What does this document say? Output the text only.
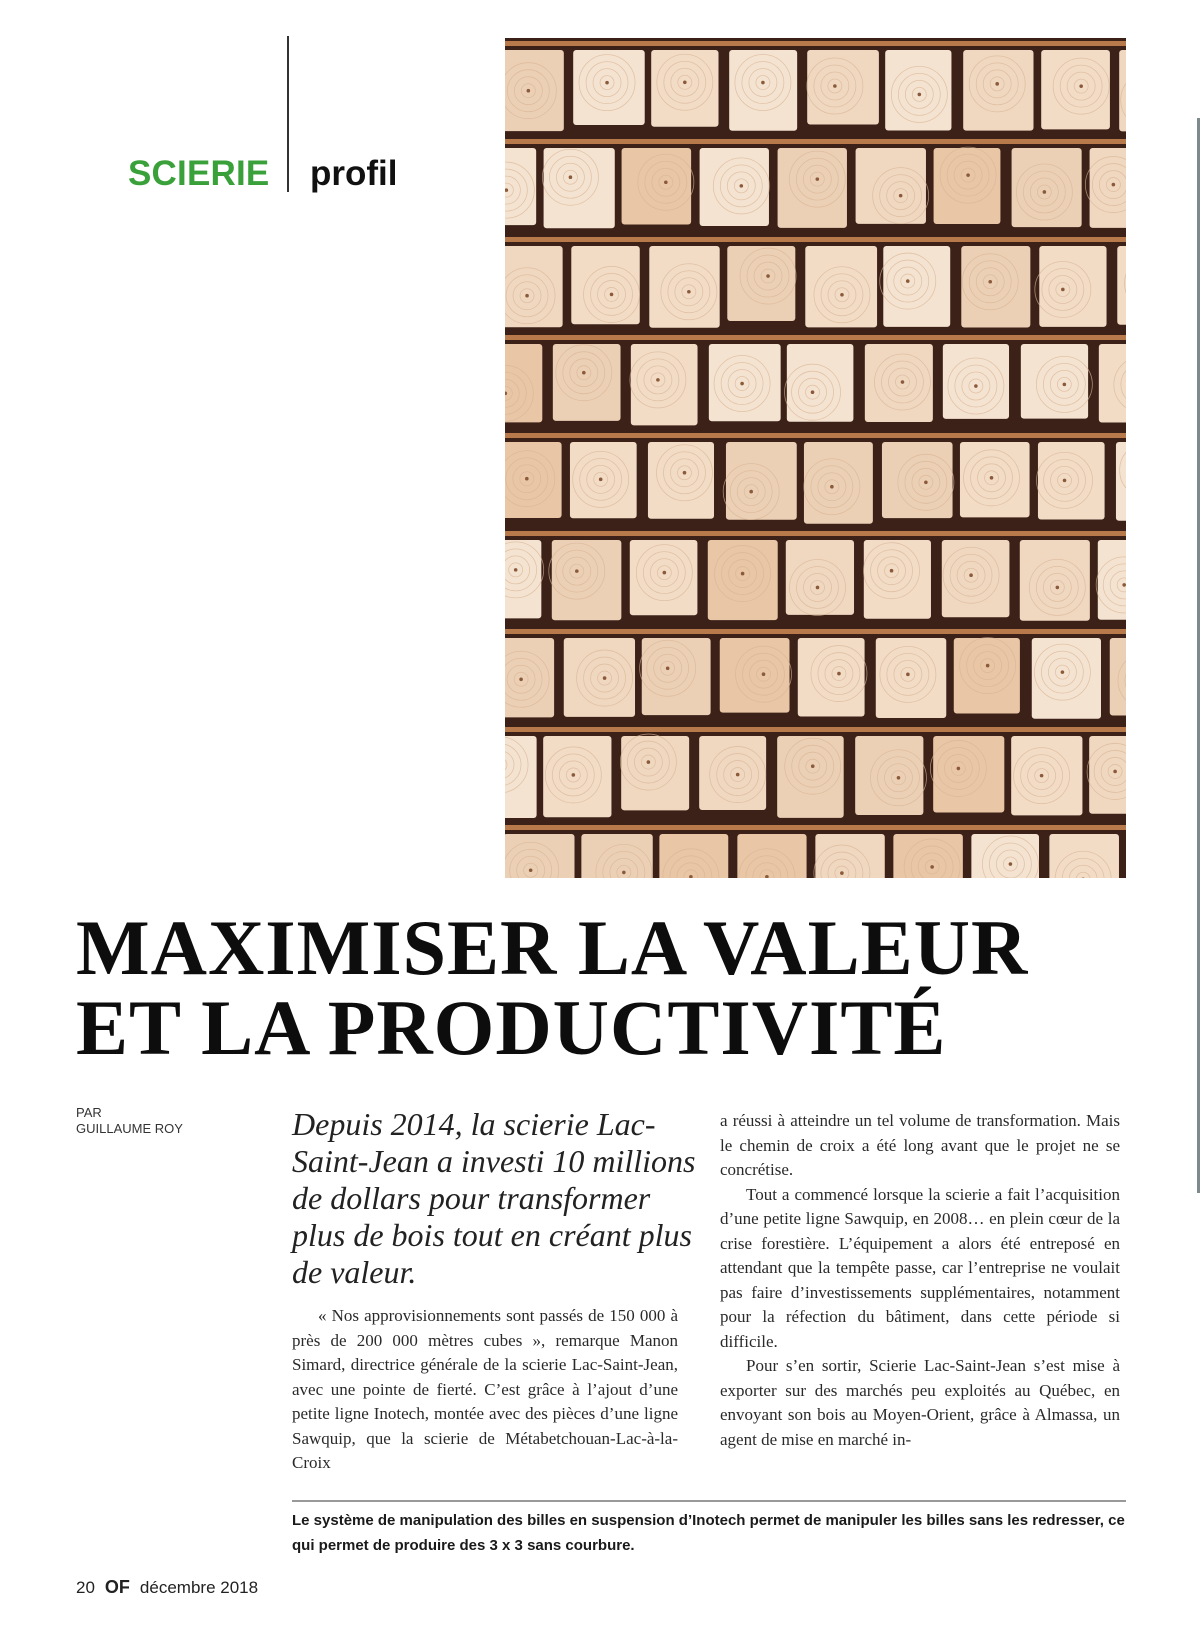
SCIERIE profil
MAXIMISER LA VALEUR ET LA PRODUCTIVITÉ
PAR
GUILLAUME ROY	Depuis 2014, la scierie Lac-Saint-Jean a investi 10 millions de dollars pour transformer plus de bois tout en créant plus de valeur.

« Nos approvisionnements sont passés de 150 000 à près de 200 000 mètres cubes », remarque Manon Simard, directrice générale de la scierie Lac-Saint-Jean, avec une pointe de fierté. C’est grâce à l’ajout d’une petite ligne Inotech, montée avec des pièces d’une ligne Sawquip, que la scierie de Métabetchouan-Lac-à-la-Croix

a réussi à atteindre un tel volume de transformation. Mais le chemin de croix a été long avant que le projet ne se concrétise.

Tout a commencé lorsque la scierie a fait l’acquisition d’une petite ligne Sawquip, en 2008… en plein cœur de la crise forestière. L’équipement a alors été entreposé en attendant que la tempête passe, car l’entreprise ne voulait pas faire d’investissements supplémentaires, notamment pour la réfection du bâtiment, dans cette période si difficile.

Pour s’en sortir, Scierie Lac-Saint-Jean s’est mise à exporter sur des marchés peu exploités au Québec, en envoyant son bois au Moyen-Orient, grâce à Almassa, un agent de mise en marché in-

Le système de manipulation des billes en suspension d’Inotech permet de manipuler les billes sans les redresser, ce qui permet de produire des 3 x 3 sans courbure.
20 OF décembre 2018
